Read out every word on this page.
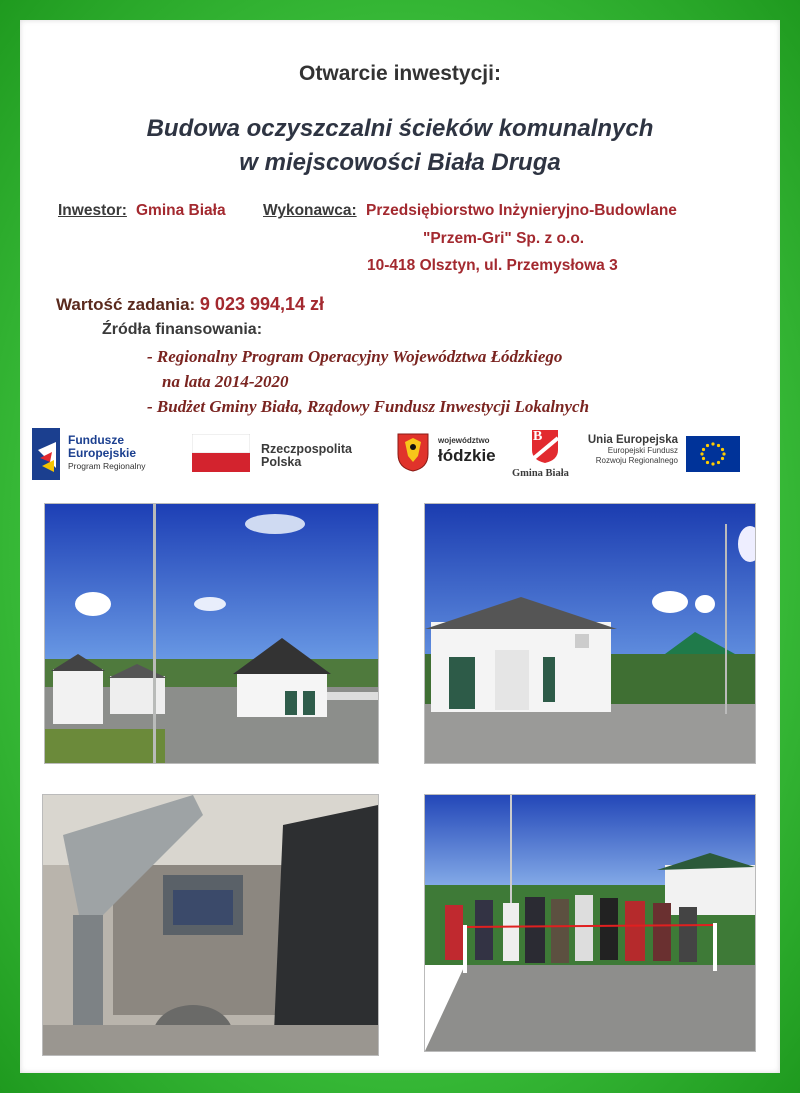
Otwarcie inwestycji:
Budowa oczyszczalni ścieków komunalnych
w miejscowości Biała Druga
Inwestor: Gmina Biała Wykonawca: Przedsiębiorstwo Inżynieryjno-Budowlane
"Przem-Gri" Sp. z o.o.
10-418 Olsztyn, ul. Przemysłowa 3
Wartość zadania: 9 023 994,14 zł
Źródła finansowania:
- Regionalny Program Operacyjny Województwa Łódzkiego
na lata 2014-2020
- Budżet Gminy Biała, Rządowy Fundusz Inwestycji Lokalnych
Fundusze
Europejskie
Program Regionalny
Rzeczpospolita
Polska
województwo
łódzkie
B
Gmina Biała
Unia Europejska
Europejski Fundusz
Rozwoju Regionalnego
